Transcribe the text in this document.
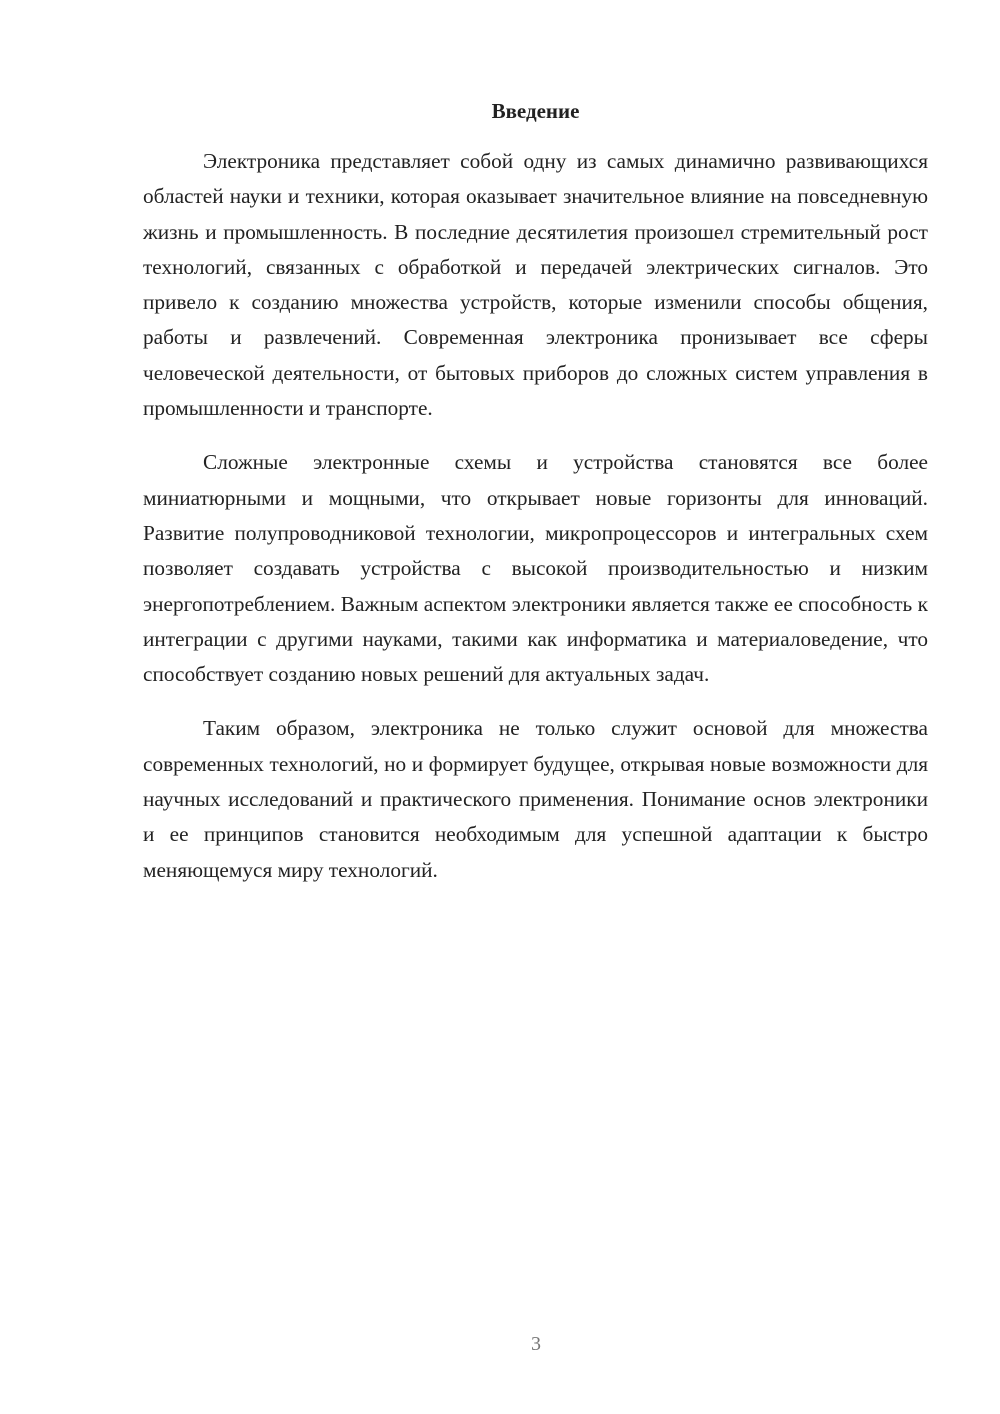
Введение

Электроника представляет собой одну из самых динамично развивающихся областей науки и техники, которая оказывает значительное влияние на повседневную жизнь и промышленность. В последние десятилетия произошел стремительный рост технологий, связанных с обработкой и передачей электрических сигналов. Это привело к созданию множества устройств, которые изменили способы общения, работы и развлечений. Современная электроника пронизывает все сферы человеческой деятельности, от бытовых приборов до сложных систем управления в промышленности и транспорте.

Сложные электронные схемы и устройства становятся все более миниатюрными и мощными, что открывает новые горизонты для инноваций. Развитие полупроводниковой технологии, микропроцессоров и интегральных схем позволяет создавать устройства с высокой производительностью и низким энергопотреблением. Важным аспектом электроники является также ее способность к интеграции с другими науками, такими как информатика и материаловедение, что способствует созданию новых решений для актуальных задач.

Таким образом, электроника не только служит основой для множества современных технологий, но и формирует будущее, открывая новые возможности для научных исследований и практического применения. Понимание основ электроники и ее принципов становится необходимым для успешной адаптации к быстро меняющемуся миру технологий.

3
